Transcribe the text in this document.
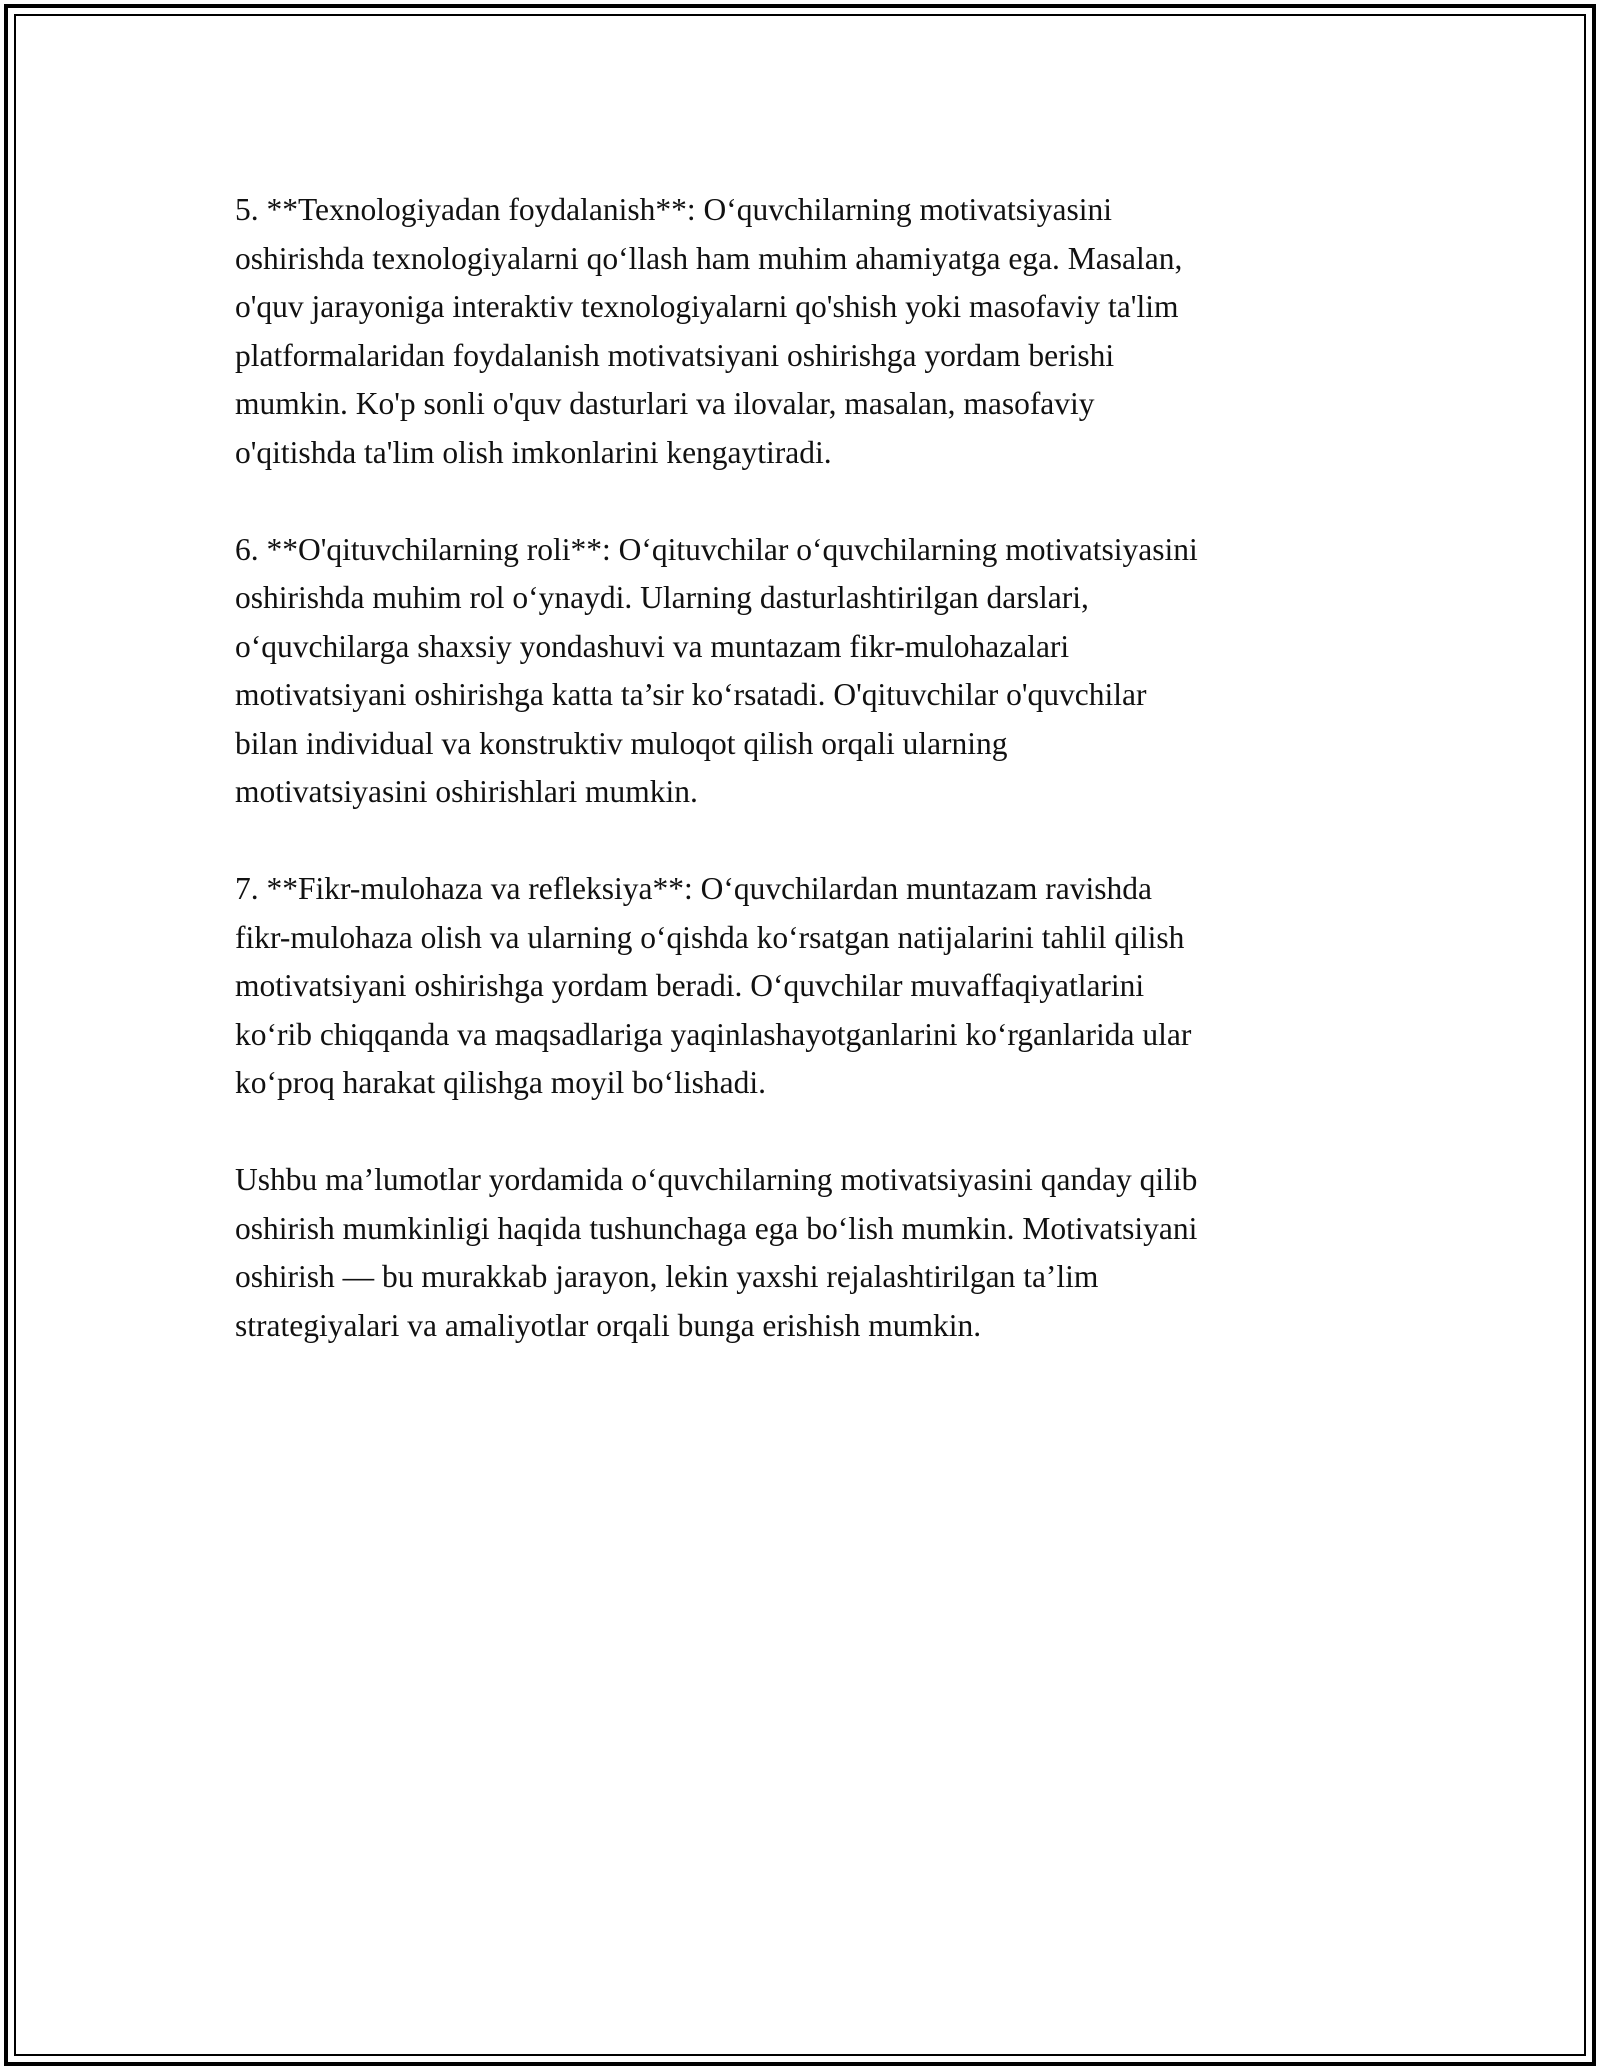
5. **Texnologiyadan foydalanish**: O‘quvchilarning motivatsiyasini
oshirishda texnologiyalarni qo‘llash ham muhim ahamiyatga ega. Masalan,
o'quv jarayoniga interaktiv texnologiyalarni qo'shish yoki masofaviy ta'lim
platformalaridan foydalanish motivatsiyani oshirishga yordam berishi
mumkin. Ko'p sonli o'quv dasturlari va ilovalar, masalan, masofaviy
o'qitishda ta'lim olish imkonlarini kengaytiradi.

6. **O'qituvchilarning roli**: O‘qituvchilar o‘quvchilarning motivatsiyasini
oshirishda muhim rol o‘ynaydi. Ularning dasturlashtirilgan darslari,
o‘quvchilarga shaxsiy yondashuvi va muntazam fikr-mulohazalari
motivatsiyani oshirishga katta ta’sir ko‘rsatadi. O'qituvchilar o'quvchilar
bilan individual va konstruktiv muloqot qilish orqali ularning
motivatsiyasini oshirishlari mumkin.

7. **Fikr-mulohaza va refleksiya**: O‘quvchilardan muntazam ravishda
fikr-mulohaza olish va ularning o‘qishda ko‘rsatgan natijalarini tahlil qilish
motivatsiyani oshirishga yordam beradi. O‘quvchilar muvaffaqiyatlarini
ko‘rib chiqqanda va maqsadlariga yaqinlashayotganlarini ko‘rganlarida ular
ko‘proq harakat qilishga moyil bo‘lishadi.

Ushbu ma’lumotlar yordamida o‘quvchilarning motivatsiyasini qanday qilib
oshirish mumkinligi haqida tushunchaga ega bo‘lish mumkin. Motivatsiyani
oshirish — bu murakkab jarayon, lekin yaxshi rejalashtirilgan ta’lim
strategiyalari va amaliyotlar orqali bunga erishish mumkin.
